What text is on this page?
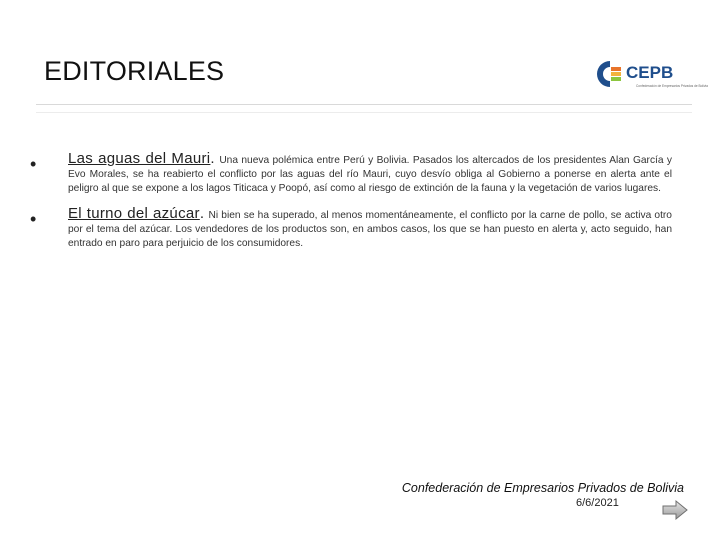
EDITORIALES	CEPB
Confederación de Empresarios Privados de Bolivia
• Las aguas del Mauri. Una nueva polémica entre Perú y Bolivia. Pasados los altercados de los presidentes Alan García y Evo Morales, se ha reabierto el conflicto por las aguas del río Mauri, cuyo desvío obliga al Gobierno a ponerse en alerta ante el peligro al que se expone a los lagos Titicaca y Poopó, así como al riesgo de extinción de la fauna y la vegetación de varios lugares.
• El turno del azúcar. Ni bien se ha superado, al menos momentáneamente, el conflicto por la carne de pollo, se activa otro por el tema del azúcar. Los vendedores de los productos son, en ambos casos, los que se han puesto en alerta y, acto seguido, han entrado en paro para perjuicio de los consumidores.
Confederación de Empresarios Privados de Bolivia
6/6/2021
